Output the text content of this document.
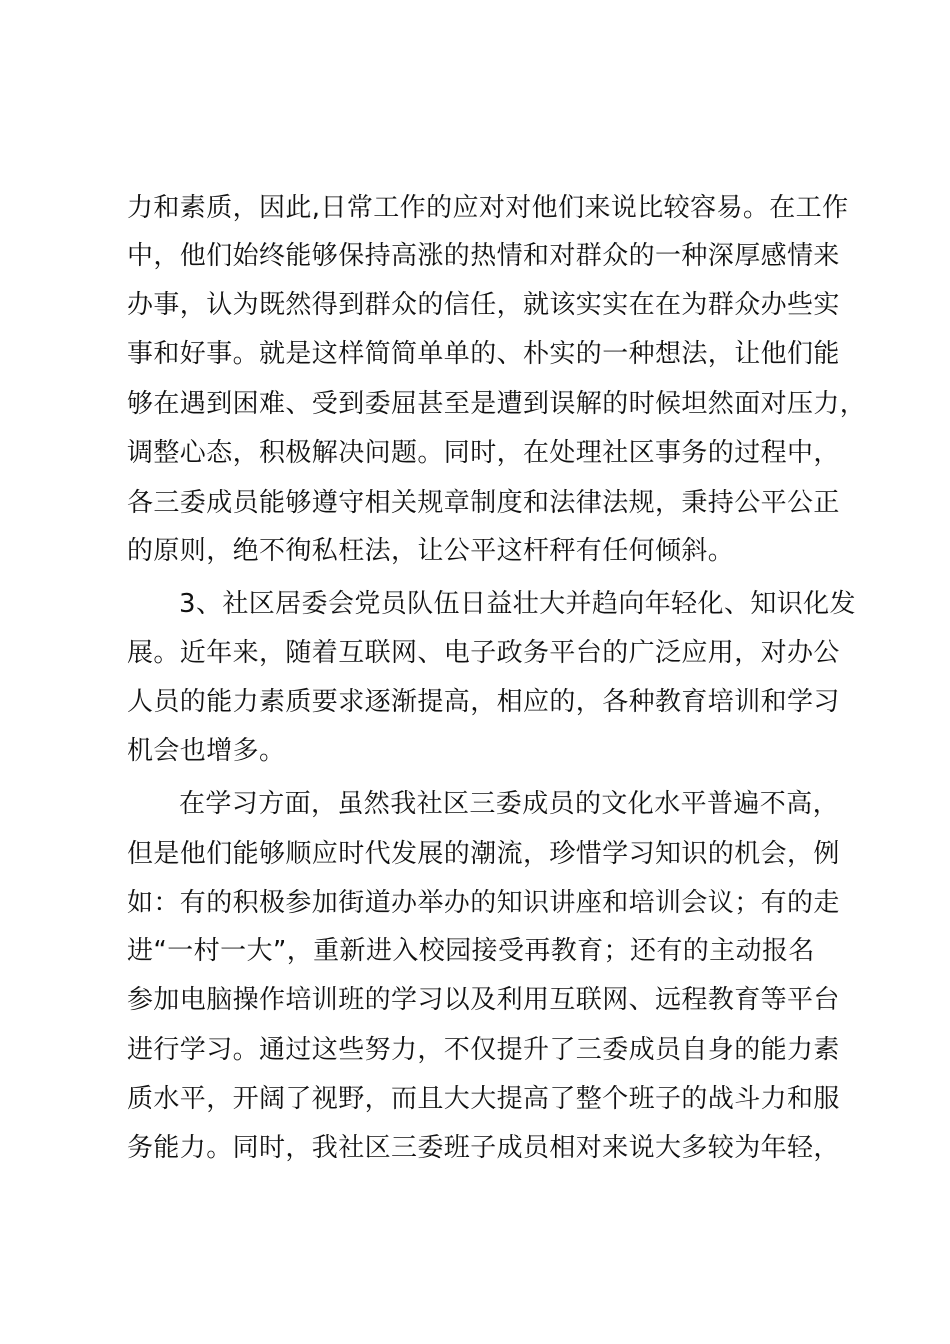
力和素质，因此,日常工作的应对对他们来说比较容易。在工作
中，他们始终能够保持高涨的热情和对群众的一种深厚感情来
办事，认为既然得到群众的信任，就该实实在在为群众办些实
事和好事。就是这样简简单单的、朴实的一种想法，让他们能
够在遇到困难、受到委屈甚至是遭到误解的时候坦然面对压力，
调整心态，积极解决问题。同时，在处理社区事务的过程中，
各三委成员能够遵守相关规章制度和法律法规，秉持公平公正
的原则，绝不徇私枉法，让公平这杆秤有任何倾斜。
3、社区居委会党员队伍日益壮大并趋向年轻化、知识化发
展。近年来，随着互联网、电子政务平台的广泛应用，对办公
人员的能力素质要求逐渐提高，相应的，各种教育培训和学习
机会也增多。
在学习方面，虽然我社区三委成员的文化水平普遍不高，
但是他们能够顺应时代发展的潮流，珍惜学习知识的机会，例
如：有的积极参加街道办举办的知识讲座和培训会议；有的走
进“一村一大”，重新进入校园接受再教育；还有的主动报名
参加电脑操作培训班的学习以及利用互联网、远程教育等平台
进行学习。通过这些努力，不仅提升了三委成员自身的能力素
质水平，开阔了视野，而且大大提高了整个班子的战斗力和服
务能力。同时，我社区三委班子成员相对来说大多较为年轻，
